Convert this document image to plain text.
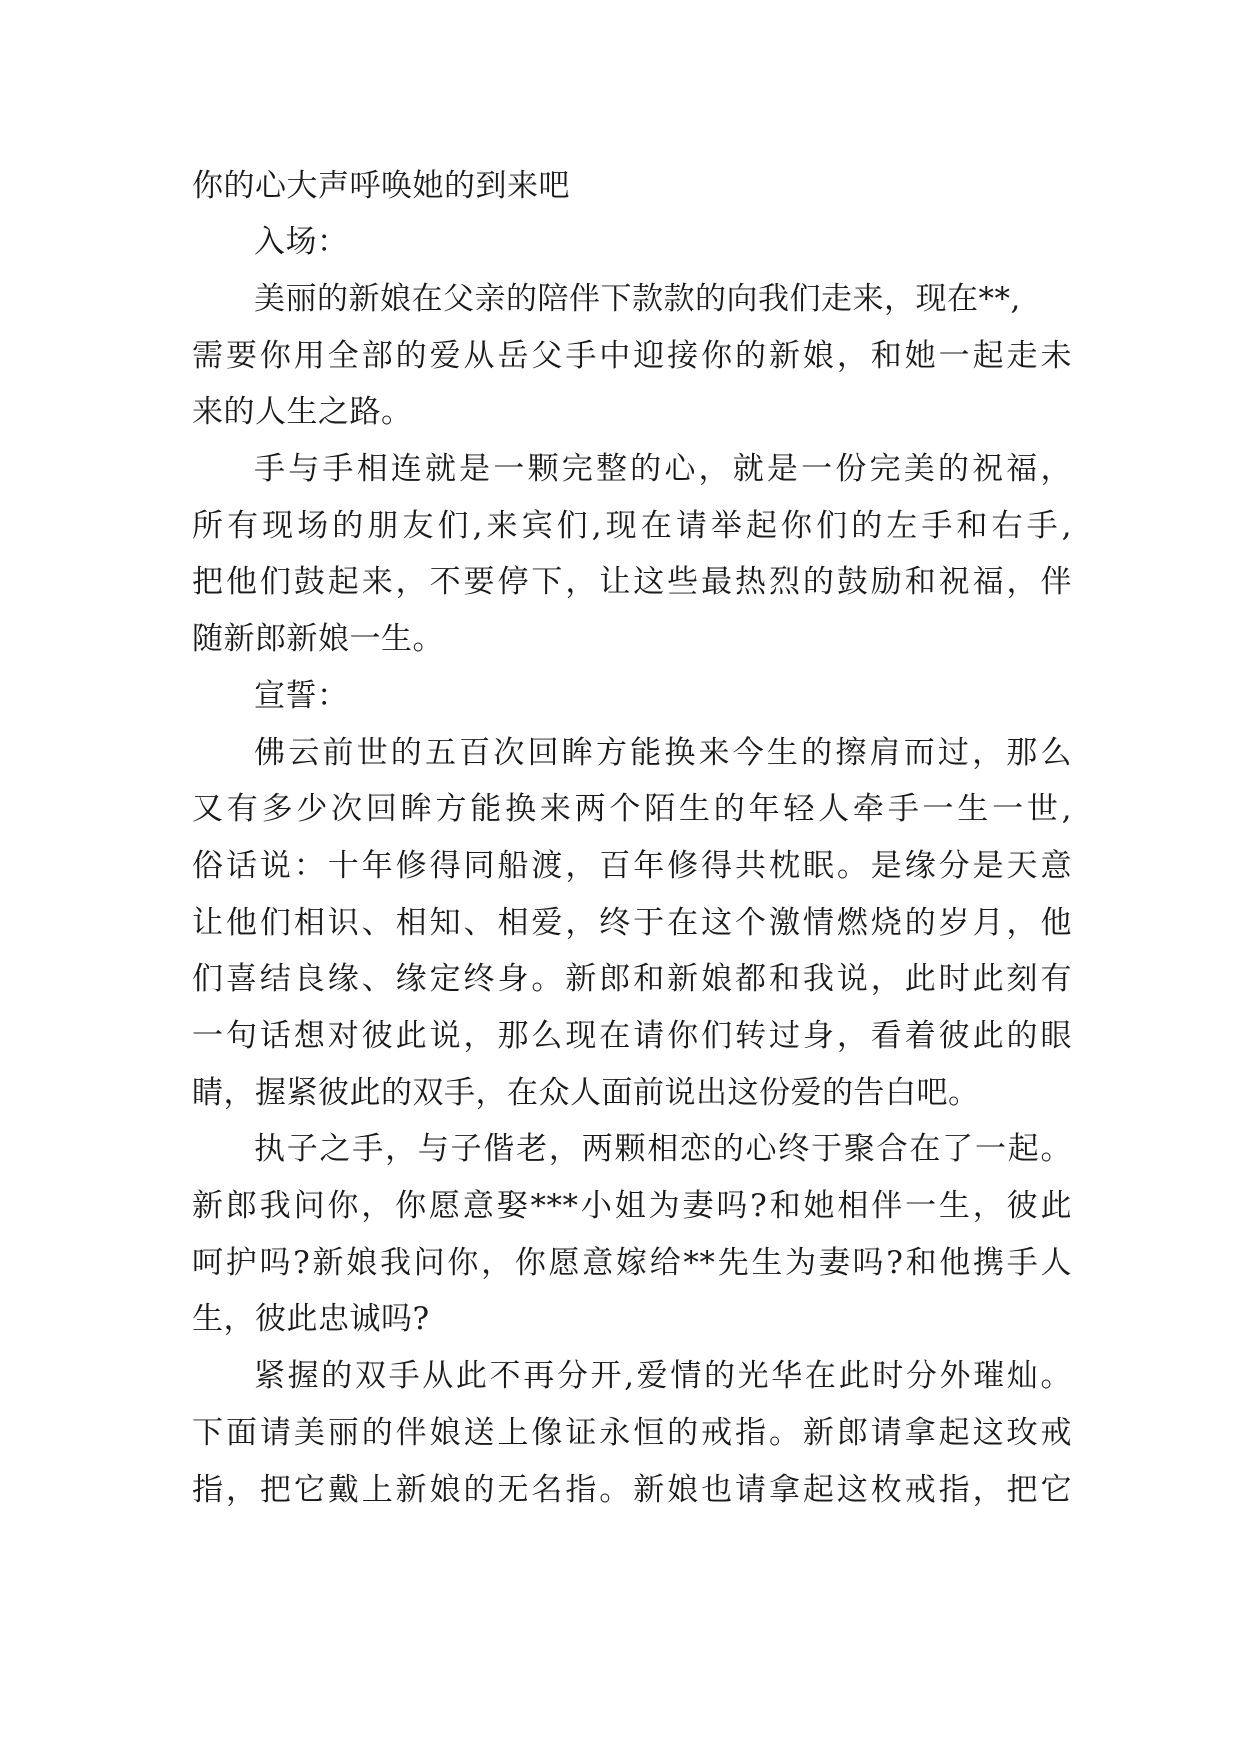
你的心大声呼唤她的到来吧
入场：
美丽的新娘在父亲的陪伴下款款的向我们走来，现在**,
需要你用全部的爱从岳父手中迎接你的新娘，和她一起走未
来的人生之路。
手与手相连就是一颗完整的心，就是一份完美的祝福，
所有现场的朋友们,来宾们,现在请举起你们的左手和右手,
把他们鼓起来，不要停下，让这些最热烈的鼓励和祝福，伴
随新郎新娘一生。
宣誓：
佛云前世的五百次回眸方能换来今生的擦肩而过，那么
又有多少次回眸方能换来两个陌生的年轻人牵手一生一世,
俗话说：十年修得同船渡，百年修得共枕眠。是缘分是天意
让他们相识、相知、相爱，终于在这个激情燃烧的岁月，他
们喜结良缘、缘定终身。新郎和新娘都和我说，此时此刻有
一句话想对彼此说，那么现在请你们转过身，看着彼此的眼
睛，握紧彼此的双手，在众人面前说出这份爱的告白吧。
执子之手，与子偕老，两颗相恋的心终于聚合在了一起。
新郎我问你，你愿意娶***小姐为妻吗?和她相伴一生，彼此
呵护吗?新娘我问你，你愿意嫁给**先生为妻吗?和他携手人
生，彼此忠诚吗?
紧握的双手从此不再分开,爱情的光华在此时分外璀灿。
下面请美丽的伴娘送上像证永恒的戒指。新郎请拿起这玫戒
指，把它戴上新娘的无名指。新娘也请拿起这枚戒指，把它
